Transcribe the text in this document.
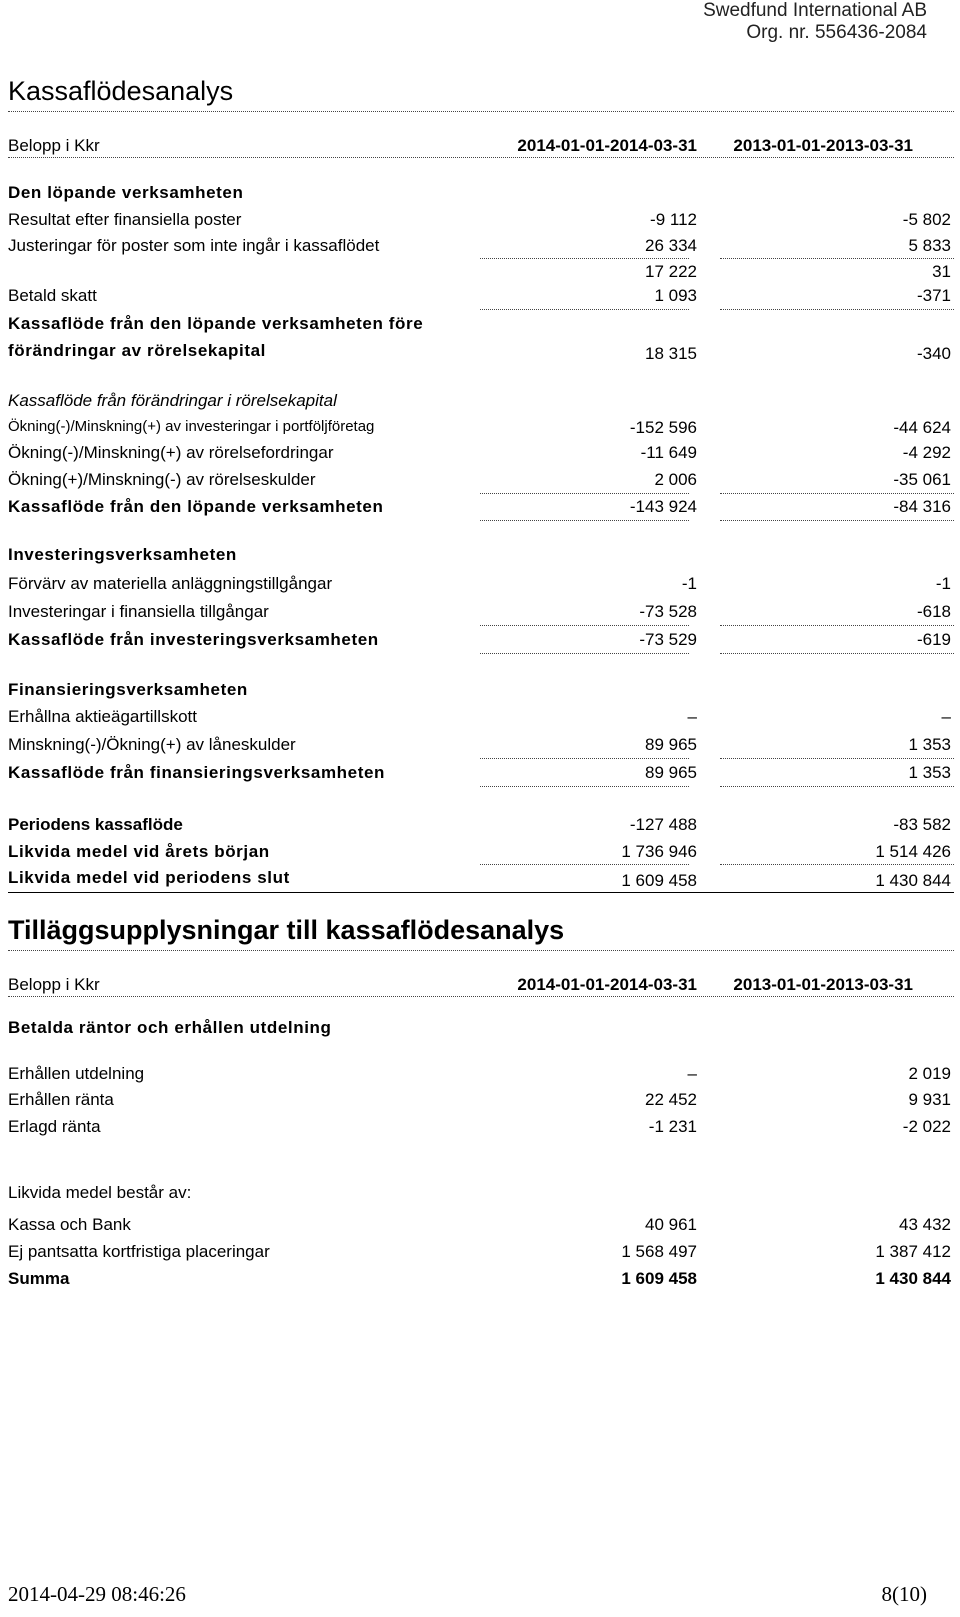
Swedfund International AB
Org. nr. 556436-2084
Kassaflödesanalys
Belopp i Kkr	2014-01-01-2014-03-31 2013-01-01-2013-03-31
Den löpande verksamheten
Resultat efter finansiella poster	-9 112	-5 802
Justeringar för poster som inte ingår i kassaflödet	26 334	5 833
17 222	31
Betald skatt	1 093	-371
Kassaflöde från den löpande verksamheten före
förändringar av rörelsekapital	18 315	-340
Kassaflöde från förändringar i rörelsekapital
Ökning(-)/Minskning(+) av investeringar i portföljföretag	-152 596	-44 624
Ökning(-)/Minskning(+) av rörelsefordringar	-11 649	-4 292
Ökning(+)/Minskning(-) av rörelseskulder	2 006	-35 061
Kassaflöde från den löpande verksamheten	-143 924	-84 316
Investeringsverksamheten
Förvärv av materiella anläggningstillgångar	-1	-1
Investeringar i finansiella tillgångar	-73 528	-618
Kassaflöde från investeringsverksamheten	-73 529	-619
Finansieringsverksamheten
Erhållna aktieägartillskott	–	–
Minskning(-)/Ökning(+) av låneskulder	89 965	1 353
Kassaflöde från finansieringsverksamheten	89 965	1 353
Periodens kassaflöde	-127 488	-83 582
Likvida medel vid årets början	1 736 946	1 514 426
Likvida medel vid periodens slut	1 609 458	1 430 844
Tilläggsupplysningar till kassaflödesanalys
Belopp i Kkr	2014-01-01-2014-03-31 2013-01-01-2013-03-31
Betalda räntor och erhållen utdelning
Erhållen utdelning	–	2 019
Erhållen ränta	22 452	9 931
Erlagd ränta	-1 231	-2 022
Likvida medel består av:
Kassa och Bank	40 961	43 432
Ej pantsatta kortfristiga placeringar	1 568 497	1 387 412
Summa	1 609 458	1 430 844
2014-04-29 08:46:26	8(10)
